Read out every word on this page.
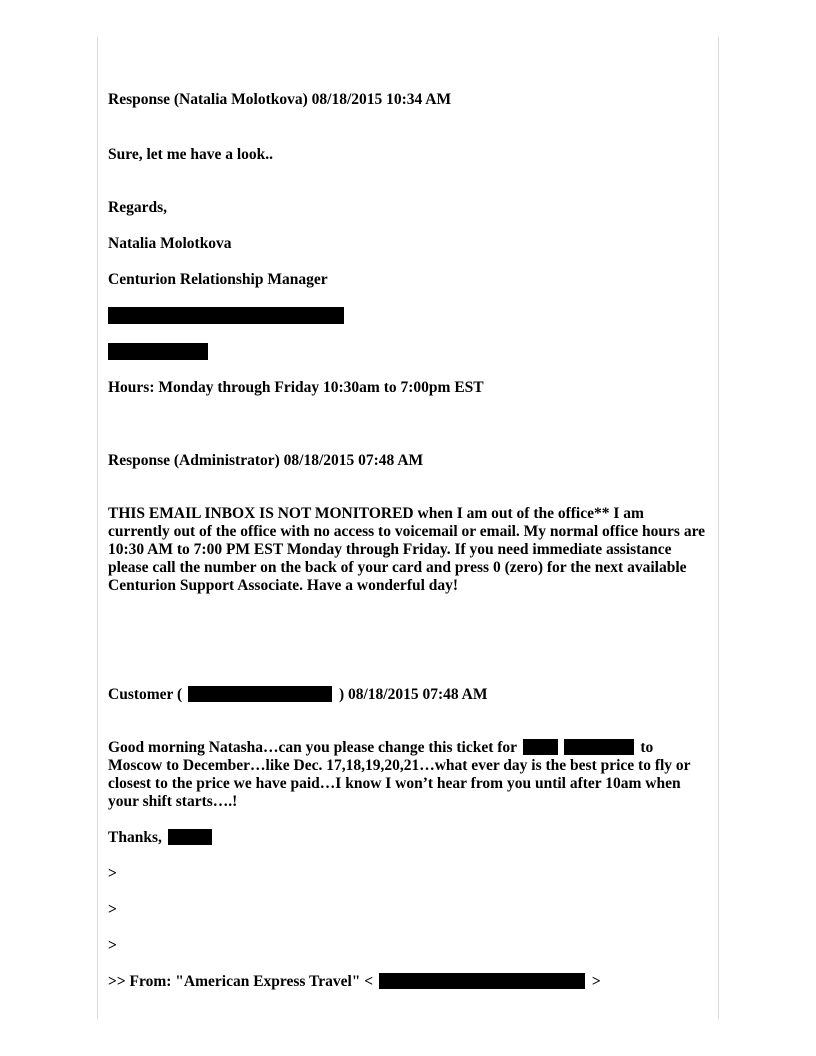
Response (Natalia Molotkova) 08/18/2015 10:34 AM
Sure, let me have a look..
Regards,
Natalia Molotkova
Centurion Relationship Manager
Hours: Monday through Friday 10:30am to 7:00pm EST
Response (Administrator) 08/18/2015 07:48 AM
THIS EMAIL INBOX IS NOT MONITORED when I am out of the office** I am currently out of the office with no access to voicemail or email. My normal office hours are 10:30 AM to 7:00 PM EST Monday through Friday. If you need immediate assistance please call the number on the back of your card and press 0 (zero) for the next available Centurion Support Associate. Have a wonderful day!
Customer (	) 08/18/2015 07:48 AM
Good morning Natasha…can you please change this ticket for	to Moscow to December…like Dec. 17,18,19,20,21…what ever day is the best price to fly or closest to the price we have paid…I know I won’t hear from you until after 10am when your shift starts….!
Thanks,
>
>
>
>> From: "American Express Travel" <	>
